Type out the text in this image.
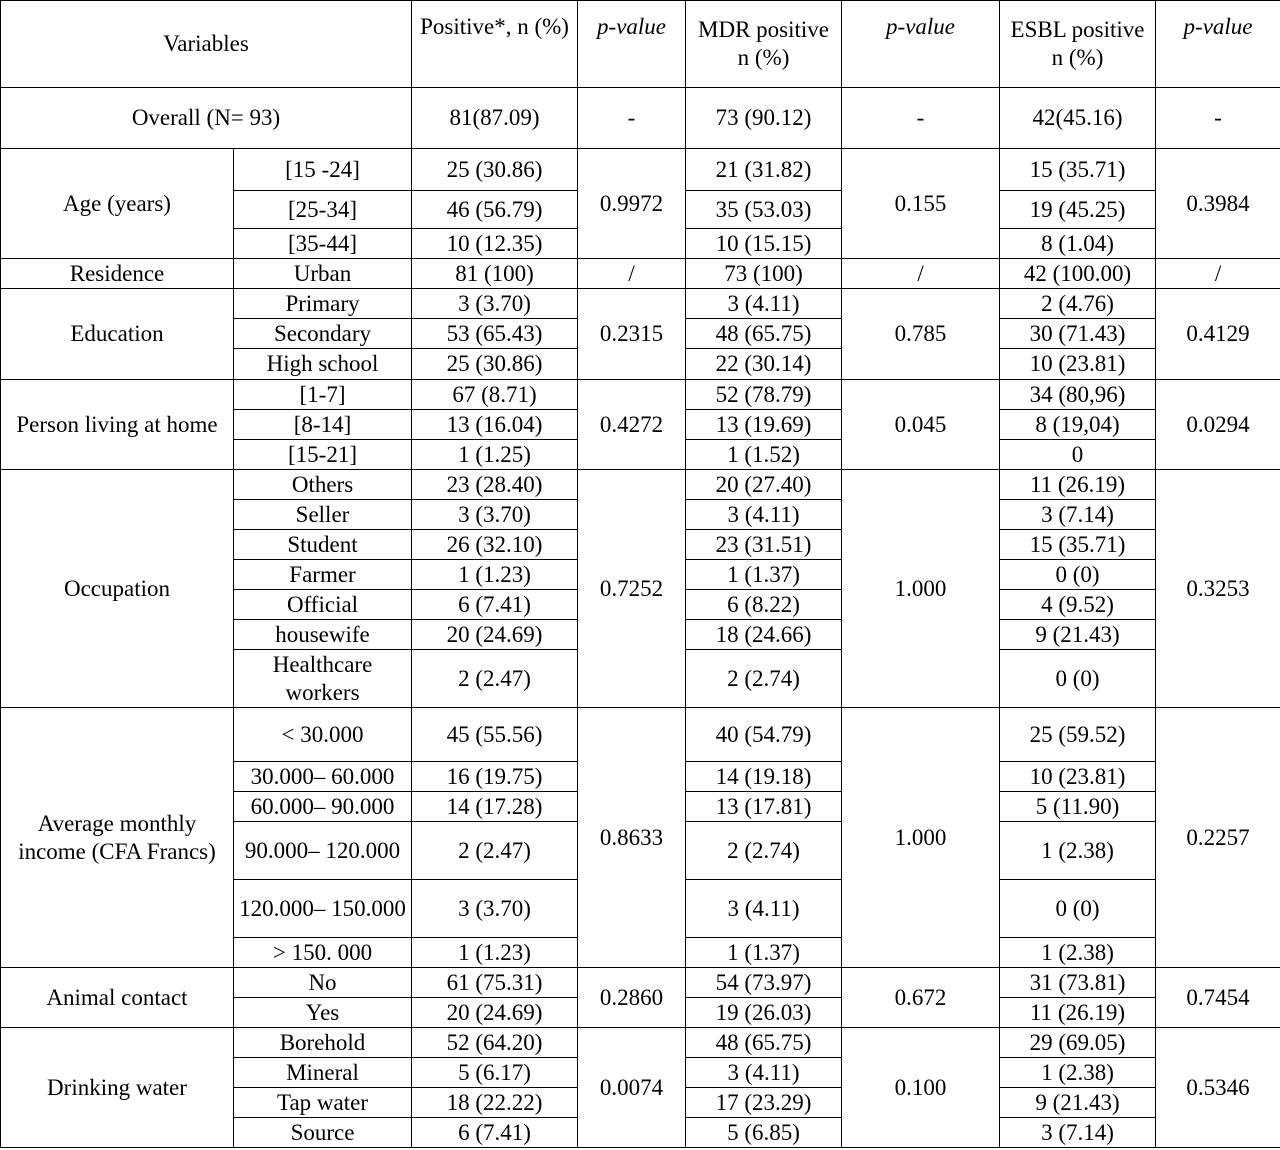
Variables		Positive*, n (%)	p-value	MDR positive n (%)	p-value	ESBL positive n (%)	p-value
Overall (N= 93)		81(87.09)	-	73 (90.12)	-	42(45.16)	-
Age (years)	[15 -24]	25 (30.86)	0.9972	21 (31.82)	0.155	15 (35.71)	0.3984
	[25-34]	46 (56.79)		35 (53.03)		19 (45.25)	
	[35-44]	10 (12.35)		10 (15.15)		8 (1.04)	
Residence	Urban	81 (100)	/	73 (100)	/	42 (100.00)	/
Education	Primary	3 (3.70)	0.2315	3 (4.11)	0.785	2 (4.76)	0.4129
	Secondary	53 (65.43)		48 (65.75)		30 (71.43)	
	High school	25 (30.86)		22 (30.14)		10 (23.81)	
Person living at home	[1-7]	67 (8.71)	0.4272	52 (78.79)	0.045	34 (80,96)	0.0294
	[8-14]	13 (16.04)		13 (19.69)		8 (19,04)	
	[15-21]	1 (1.25)		1 (1.52)		0	
Occupation	Others	23 (28.40)	0.7252	20 (27.40)	1.000	11 (26.19)	0.3253
	Seller	3 (3.70)		3 (4.11)		3 (7.14)	
	Student	26 (32.10)		23 (31.51)		15 (35.71)	
	Farmer	1 (1.23)		1 (1.37)		0 (0)	
	Official	6 (7.41)		6 (8.22)		4 (9.52)	
	housewife	20 (24.69)		18 (24.66)		9 (21.43)	
	Healthcare workers	2 (2.47)		2 (2.74)		0 (0)	
Average monthly income (CFA Francs)	< 30.000	45 (55.56)	0.8633	40 (54.79)	1.000	25 (59.52)	0.2257
	30.000– 60.000	16 (19.75)		14 (19.18)		10 (23.81)	
	60.000– 90.000	14 (17.28)		13 (17.81)		5 (11.90)	
	90.000– 120.000	2 (2.47)		2 (2.74)		1 (2.38)	
	120.000– 150.000	3 (3.70)		3 (4.11)		0 (0)	
	> 150. 000	1 (1.23)		1 (1.37)		1 (2.38)	
Animal contact	No	61 (75.31)	0.2860	54 (73.97)	0.672	31 (73.81)	0.7454
	Yes	20 (24.69)		19 (26.03)		11 (26.19)	
Drinking water	Borehold	52 (64.20)	0.0074	48 (65.75)	0.100	29 (69.05)	0.5346
	Mineral	5 (6.17)		3 (4.11)		1 (2.38)	
	Tap water	18 (22.22)		17 (23.29)		9 (21.43)	
	Source	6 (7.41)		5 (6.85)		3 (7.14)	
